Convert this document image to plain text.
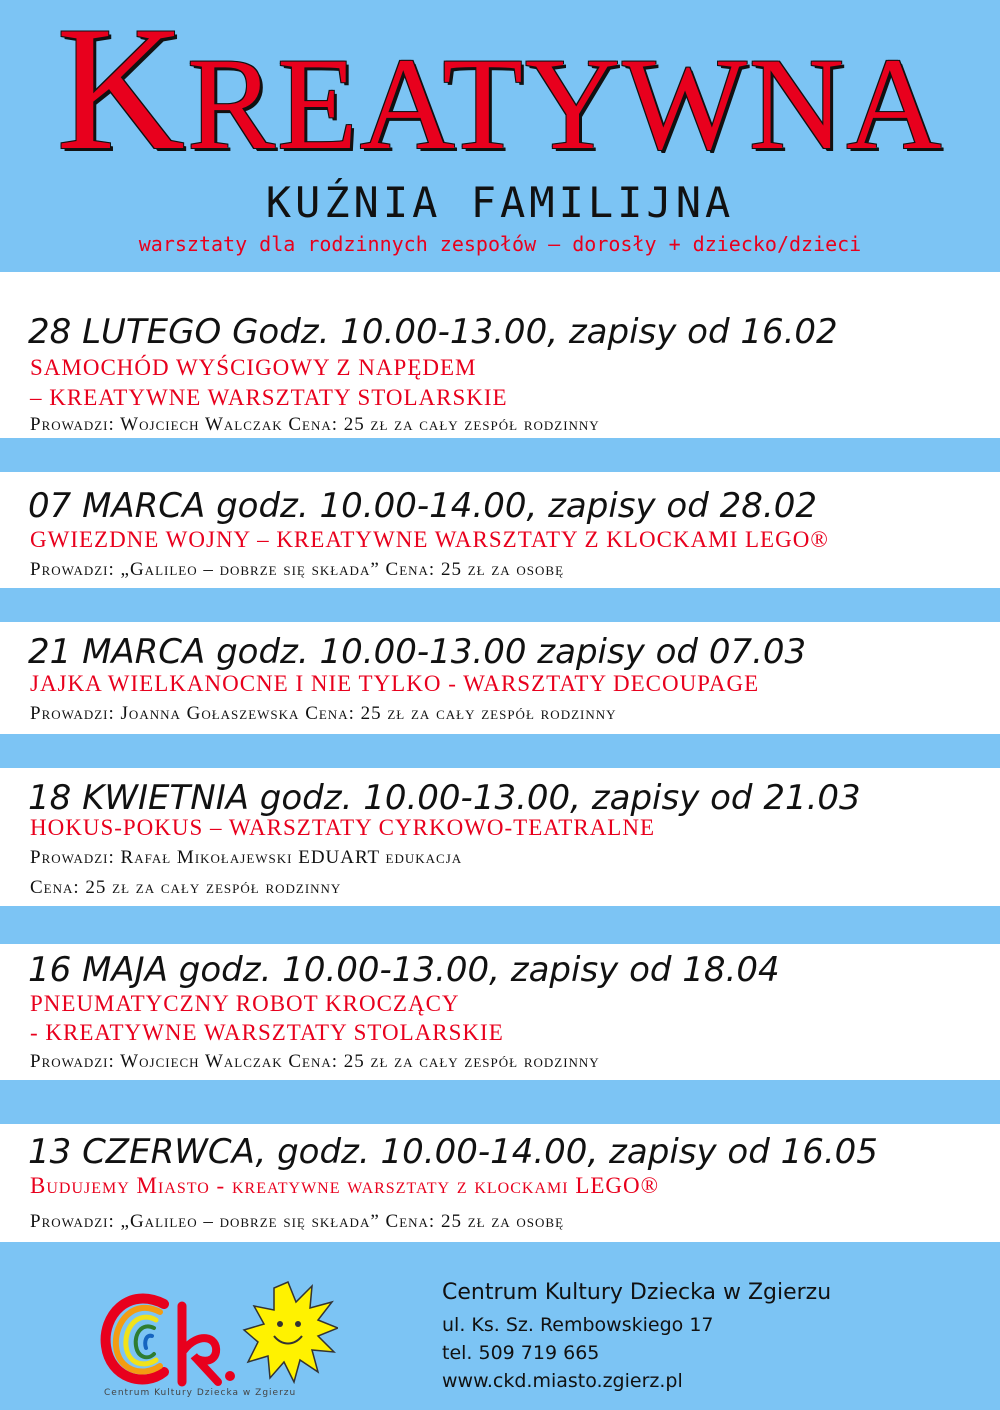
KREATYWNA
KUŹNIA FAMILIJNA
warsztaty dla rodzinnych zespołów – dorosły + dziecko/dzieci
28 LUTEGO Godz. 10.00-13.00, zapisy od 16.02
SAMOCHÓD WYŚCIGOWY Z NAPĘDEM
– KREATYWNE WARSZTATY STOLARSKIE
Prowadzi: Wojciech Walczak Cena: 25 zł za cały zespół rodzinny
07 MARCA godz. 10.00-14.00, zapisy od 28.02
GWIEZDNE WOJNY – KREATYWNE WARSZTATY Z KLOCKAMI LEGO®
Prowadzi: „Galileo – dobrze się składa” Cena: 25 zł za osobę
21 MARCA godz. 10.00-13.00 zapisy od 07.03
JAJKA WIELKANOCNE I NIE TYLKO - WARSZTATY DECOUPAGE
Prowadzi: Joanna Gołaszewska Cena: 25 zł za cały zespół rodzinny
18 KWIETNIA godz. 10.00-13.00, zapisy od 21.03
HOKUS-POKUS – WARSZTATY CYRKOWO-TEATRALNE
Prowadzi: Rafał Mikołajewski EDUART edukacja
Cena: 25 zł za cały zespół rodzinny
16 MAJA godz. 10.00-13.00, zapisy od 18.04
PNEUMATYCZNY ROBOT KROCZĄCY
- KREATYWNE WARSZTATY STOLARSKIE
Prowadzi: Wojciech Walczak Cena: 25 zł za cały zespół rodzinny
13 CZERWCA, godz. 10.00-14.00, zapisy od 16.05
Budujemy Miasto - kreatywne warsztaty z klockami LEGO®
Prowadzi: „Galileo – dobrze się składa” Cena: 25 zł za osobę
CKD
Centrum Kultury Dziecka w Zgierzu
Centrum Kultury Dziecka w Zgierzu
ul. Ks. Sz. Rembowskiego 17
tel. 509 719 665
www.ckd.miasto.zgierz.pl
